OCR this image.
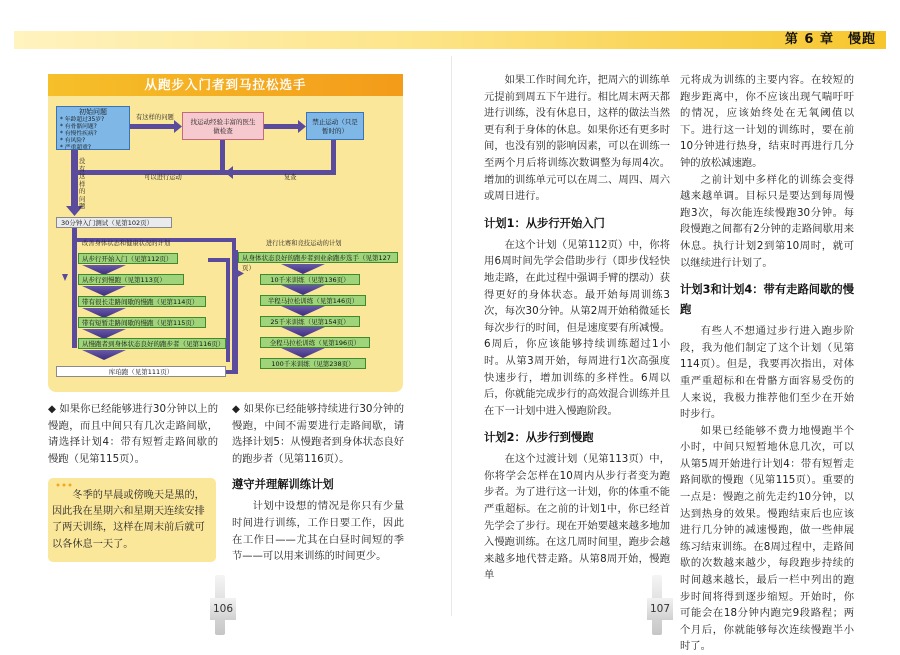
第 6 章　慢跑
从跑步入门者到马拉松选手
初始问题
* 年龄超过35岁?
* 有骨骼问题?
* 有慢性疾病?
* 有风险?
* 严重超重?
有这样的问题
找运动经验丰富的医生做检查
禁止运动（只是暂时的）
可以进行运动	复查
没有这样的问题
30分钟入门测试（见第102页）
改善身体状态和健康状况的计划	进行比赛和竞技运动的计划
从步行开始入门（见第112页）
从步行到慢跑（见第113页）
带有很长走路间歇的慢跑（见第114页）
带有短暂走路间歇的慢跑（见第115页）
从慢跑者到身体状态良好的跑步者（见第116页）
从身体状态良好的跑步者到业余跑步选手（见第127页）
10千米训练（见第136页）
半程马拉松训练（见第146页）
25千米训练（见第154页）
全程马拉松训练（见第196页）
100千米训练（见第238页）
库珀跑（见第111页）

◆ 如果你已经能够进行30分钟以上的慢跑，而且中间只有几次走路间歇，请选择计划4：带有短暂走路间歇的慢跑（见第115页）。

◆ 如果你已经能够持续进行30分钟的慢跑，中间不需要进行走路间歇，请选择计划5：从慢跑者到身体状态良好的跑步者（见第116页）。

遵守并理解训练计划

计划中设想的情况是你只有少量时间进行训练，工作日要工作，因此在工作日——尤其在白昼时间短的季节——可以用来训练的时间更少。

冬季的早晨或傍晚天是黑的，因此我在星期六和星期天连续安排了两天训练，这样在周末前后就可以各休息一天了。
106

如果工作时间允许，把周六的训练单元提前到周五下午进行。相比周末两天都进行训练，没有休息日，这样的做法当然更有利于身体的休息。如果你还有更多时间，也没有别的影响因素，可以在训练一至两个月后将训练次数调整为每周4次。增加的训练单元可以在周二、周四、周六或周日进行。

计划1：从步行开始入门

在这个计划（见第112页）中，你将用6周时间先学会借助步行（即步伐轻快地走路，在此过程中强调手臂的摆动）获得更好的身体状态。最开始每周训练3次，每次30分钟。从第2周开始稍微延长每次步行的时间，但是速度要有所减慢。6周后，你应该能够持续训练超过1小时。从第3周开始，每周进行1次高强度快速步行，增加训练的多样性。6周以后，你就能完成步行的高效混合训练并且在下一计划中进入慢跑阶段。

计划2：从步行到慢跑

在这个过渡计划（见第113页）中，你将学会怎样在10周内从步行者变为跑步者。为了进行这一计划，你的体重不能严重超标。在之前的计划1中，你已经首先学会了步行。现在开始要越来越多地加入慢跑训练。在这几周时间里，跑步会越来越多地代替走路。从第8周开始，慢跑单

元将成为训练的主要内容。在较短的跑步距离中，你不应该出现气喘吁吁的情况，应该始终处在无氧阈值以下。进行这一计划的训练时，要在前10分钟进行热身，结束时再进行几分钟的放松减速跑。

之前计划中多样化的训练会变得越来越单调。目标只是要达到每周慢跑3次，每次能连续慢跑30分钟。每段慢跑之间都有2分钟的走路间歇用来休息。执行计划2到第10周时，就可以继续进行计划了。

计划3和计划4：带有走路间歇的慢跑

有些人不想通过步行进入跑步阶段，我为他们制定了这个计划（见第114页）。但是，我要再次指出，对体重严重超标和在骨骼方面容易受伤的人来说，我极力推荐他们至少在开始时步行。

如果已经能够不费力地慢跑半个小时，中间只短暂地休息几次，可以从第5周开始进行计划4：带有短暂走路间歇的慢跑（见第115页）。重要的一点是：慢跑之前先走约10分钟，以达到热身的效果。慢跑结束后也应该进行几分钟的减速慢跑，做一些伸展练习结束训练。在8周过程中，走路间歇的次数越来越少，每段跑步持续的时间越来越长，最后一栏中列出的跑步时间将得到逐步缩短。开始时，你可能会在18分钟内跑完9段路程；两个月后，你就能够每次连续慢跑半小时了。

107
